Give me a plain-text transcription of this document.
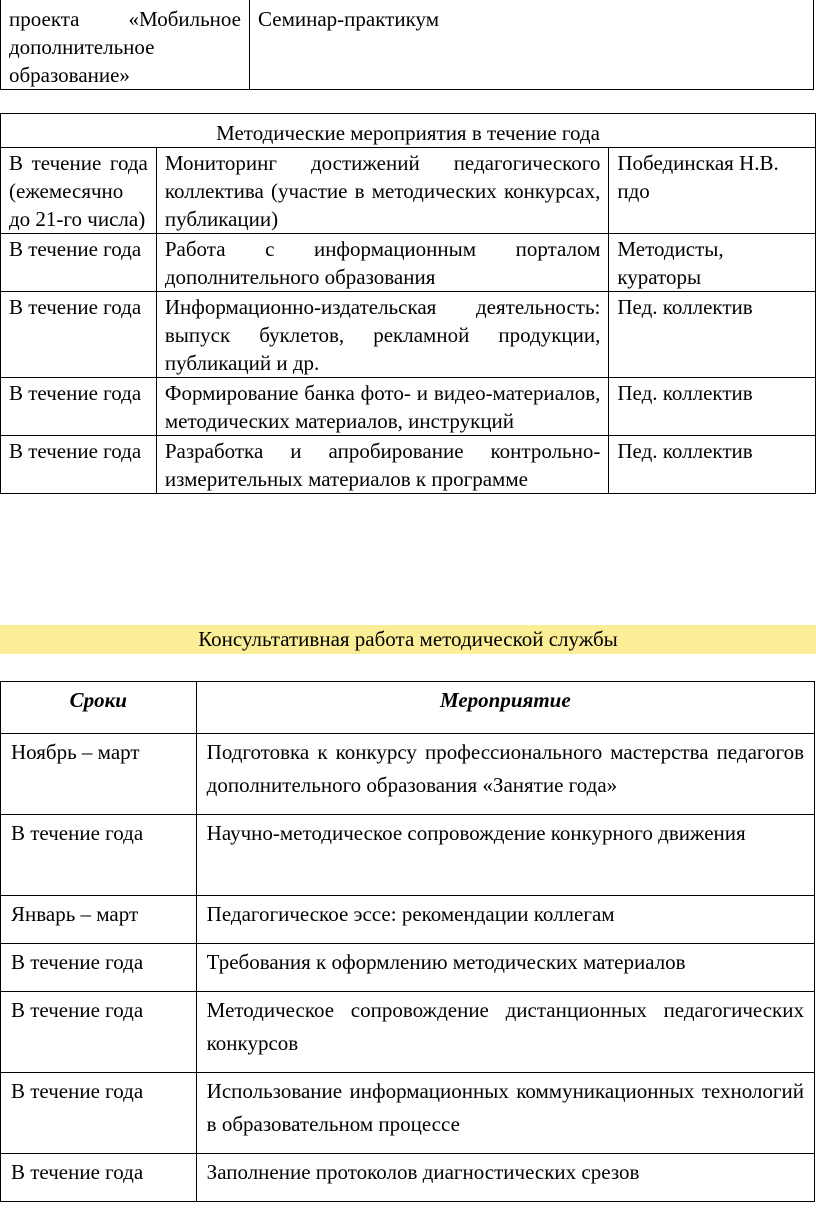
проекта «Мобильное дополнительное образование»	Семинар-практикум
Методические мероприятия в течение года		
В течение года (ежемесячно до 21-го числа)	Мониторинг достижений педагогического коллектива (участие в методических конкурсах, публикации)	Побединская Н.В. пдо
В течение года	Работа с информационным порталом дополнительного образования	Методисты, кураторы
В течение года	Информационно-издательская деятельность: выпуск буклетов, рекламной продукции, публикаций и др.	Пед. коллектив
В течение года	Формирование банка фото- и видео-материалов, методических материалов, инструкций	Пед. коллектив
В течение года	Разработка и апробирование контрольно-измерительных материалов к программе	Пед. коллектив
Консультативная работа методической службы
Сроки	Мероприятие
Ноябрь – март	Подготовка к конкурсу профессионального мастерства педагогов дополнительного образования «Занятие года»
В течение года	Научно-методическое сопровождение конкурного движения
Январь – март	Педагогическое эссе: рекомендации коллегам
В течение года	Требования к оформлению методических материалов
В течение года	Методическое сопровождение дистанционных педагогических конкурсов
В течение года	Использование информационных коммуникационных технологий в образовательном процессе
В течение года	Заполнение протоколов диагностических срезов
